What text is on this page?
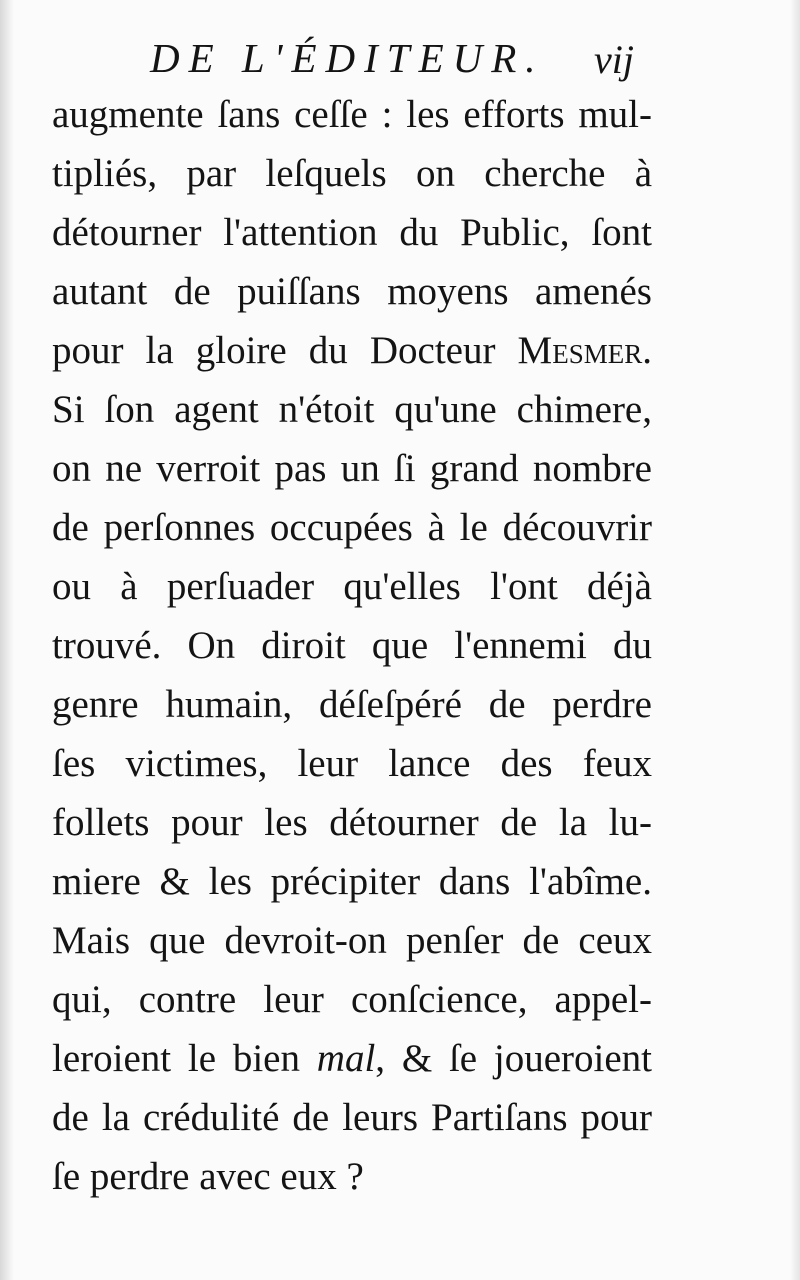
DE L'ÉDITEUR. vij
augmente ſans ceſſe : les efforts mul-
tipliés, par leſquels on cherche à
détourner l'attention du Public, ſont
autant de puiſſans moyens amenés
pour la gloire du Docteur Mesmer.
Si ſon agent n'étoit qu'une chimere,
on ne verroit pas un ſi grand nombre
de perſonnes occupées à le découvrir
ou à perſuader qu'elles l'ont déjà
trouvé. On diroit que l'ennemi du
genre humain, déſeſpéré de perdre
ſes victimes, leur lance des feux
follets pour les détourner de la lu-
miere & les précipiter dans l'abîme.
Mais que devroit-on penſer de ceux
qui, contre leur conſcience, appel-
leroient le bien mal, & ſe joueroient
de la crédulité de leurs Partiſans pour
ſe perdre avec eux ?
